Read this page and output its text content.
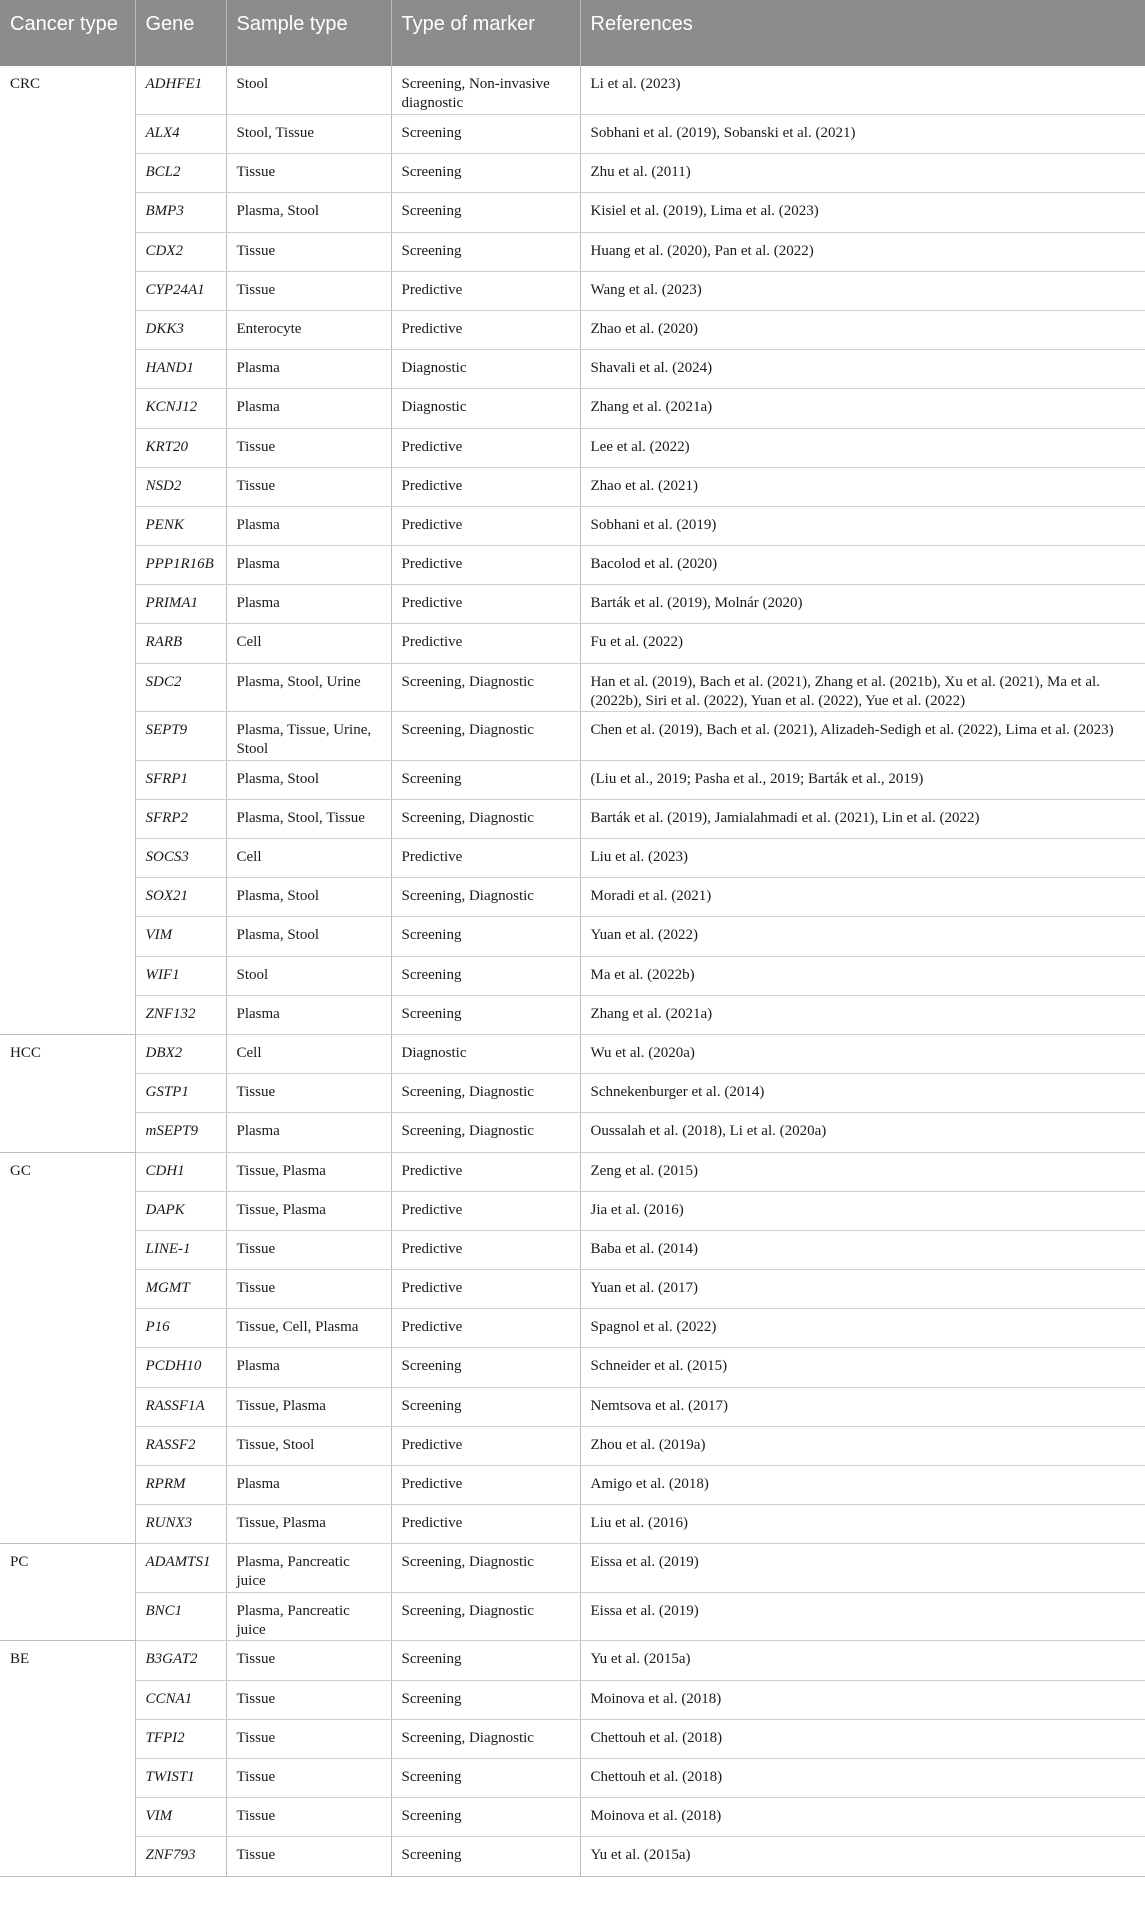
Cancer type	Gene	Sample type	Type of marker	References
CRC	ADHFE1	Stool	Screening, Non-invasive diagnostic	Li et al. (2023)
	ALX4	Stool, Tissue	Screening	Sobhani et al. (2019), Sobanski et al. (2021)
	BCL2	Tissue	Screening	Zhu et al. (2011)
	BMP3	Plasma, Stool	Screening	Kisiel et al. (2019), Lima et al. (2023)
	CDX2	Tissue	Screening	Huang et al. (2020), Pan et al. (2022)
	CYP24A1	Tissue	Predictive	Wang et al. (2023)
	DKK3	Enterocyte	Predictive	Zhao et al. (2020)
	HAND1	Plasma	Diagnostic	Shavali et al. (2024)
	KCNJ12	Plasma	Diagnostic	Zhang et al. (2021a)
	KRT20	Tissue	Predictive	Lee et al. (2022)
	NSD2	Tissue	Predictive	Zhao et al. (2021)
	PENK	Plasma	Predictive	Sobhani et al. (2019)
	PPP1R16B	Plasma	Predictive	Bacolod et al. (2020)
	PRIMA1	Plasma	Predictive	Barták et al. (2019), Molnár (2020)
	RARB	Cell	Predictive	Fu et al. (2022)
	SDC2	Plasma, Stool, Urine	Screening, Diagnostic	Han et al. (2019), Bach et al. (2021), Zhang et al. (2021b), Xu et al. (2021), Ma et al. (2022b), Siri et al. (2022), Yuan et al. (2022), Yue et al. (2022)
	SEPT9	Plasma, Tissue, Urine, Stool	Screening, Diagnostic	Chen et al. (2019), Bach et al. (2021), Alizadeh-Sedigh et al. (2022), Lima et al. (2023)
	SFRP1	Plasma, Stool	Screening	(Liu et al., 2019; Pasha et al., 2019; Barták et al., 2019)
	SFRP2	Plasma, Stool, Tissue	Screening, Diagnostic	Barták et al. (2019), Jamialahmadi et al. (2021), Lin et al. (2022)
	SOCS3	Cell	Predictive	Liu et al. (2023)
	SOX21	Plasma, Stool	Screening, Diagnostic	Moradi et al. (2021)
	VIM	Plasma, Stool	Screening	Yuan et al. (2022)
	WIF1	Stool	Screening	Ma et al. (2022b)
	ZNF132	Plasma	Screening	Zhang et al. (2021a)
HCC	DBX2	Cell	Diagnostic	Wu et al. (2020a)
	GSTP1	Tissue	Screening, Diagnostic	Schnekenburger et al. (2014)
	mSEPT9	Plasma	Screening, Diagnostic	Oussalah et al. (2018), Li et al. (2020a)
GC	CDH1	Tissue, Plasma	Predictive	Zeng et al. (2015)
	DAPK	Tissue, Plasma	Predictive	Jia et al. (2016)
	LINE-1	Tissue	Predictive	Baba et al. (2014)
	MGMT	Tissue	Predictive	Yuan et al. (2017)
	P16	Tissue, Cell, Plasma	Predictive	Spagnol et al. (2022)
	PCDH10	Plasma	Screening	Schneider et al. (2015)
	RASSF1A	Tissue, Plasma	Screening	Nemtsova et al. (2017)
	RASSF2	Tissue, Stool	Predictive	Zhou et al. (2019a)
	RPRM	Plasma	Predictive	Amigo et al. (2018)
	RUNX3	Tissue, Plasma	Predictive	Liu et al. (2016)
PC	ADAMTS1	Plasma, Pancreatic juice	Screening, Diagnostic	Eissa et al. (2019)
	BNC1	Plasma, Pancreatic juice	Screening, Diagnostic	Eissa et al. (2019)
BE	B3GAT2	Tissue	Screening	Yu et al. (2015a)
	CCNA1	Tissue	Screening	Moinova et al. (2018)
	TFPI2	Tissue	Screening, Diagnostic	Chettouh et al. (2018)
	TWIST1	Tissue	Screening	Chettouh et al. (2018)
	VIM	Tissue	Screening	Moinova et al. (2018)
	ZNF793	Tissue	Screening	Yu et al. (2015a)
